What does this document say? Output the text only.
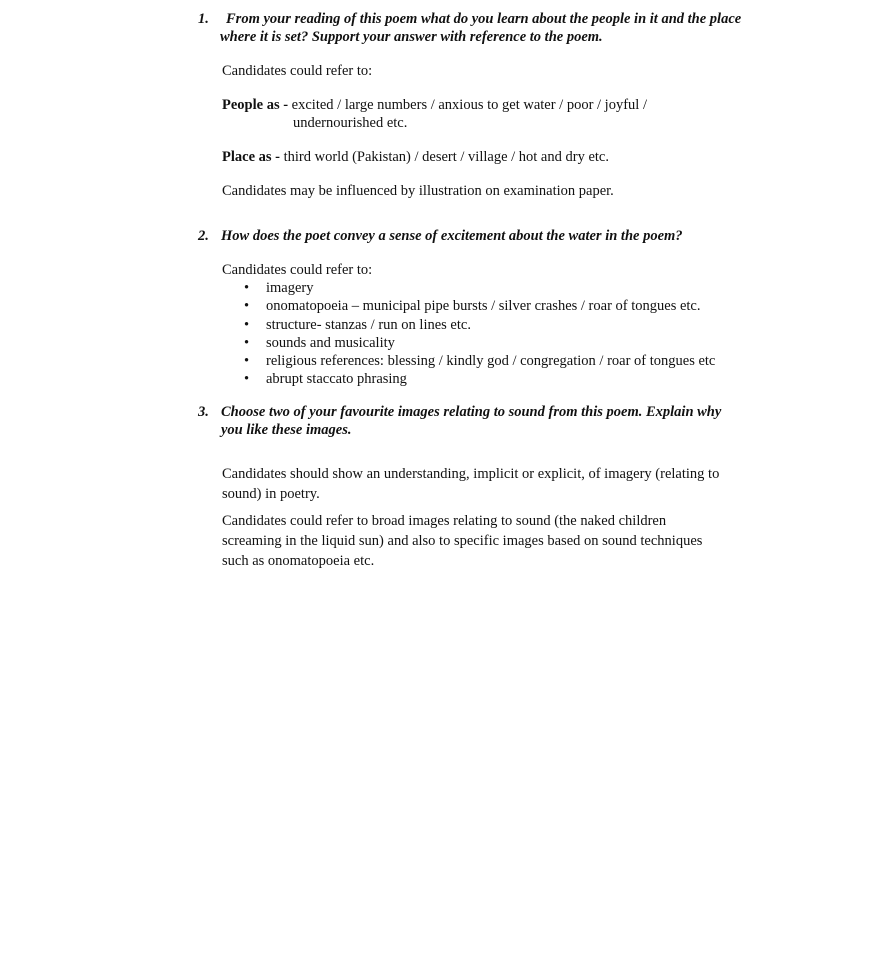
1.	From your reading of this poem what do you learn about the people in it and the place where it is set? Support your answer with reference to the poem.
Candidates could refer to:
People as - excited / large numbers / anxious to get water / poor / joyful /
undernourished etc.
Place as - third world (Pakistan) / desert / village / hot and dry etc.
Candidates may be influenced by illustration on examination paper.
2. How does the poet convey a sense of excitement about the water in the poem?
Candidates could refer to:
• imagery
• onomatopoeia – municipal pipe bursts / silver crashes / roar of tongues etc.
• structure- stanzas / run on lines etc.
• sounds and musicality
• religious references: blessing / kindly god / congregation / roar of tongues etc
• abrupt staccato phrasing
3. Choose two of your favourite images relating to sound from this poem. Explain why you like these images.
Candidates should show an understanding, implicit or explicit, of imagery (relating to sound) in poetry.
Candidates could refer to broad images relating to sound (the naked children screaming in the liquid sun) and also to specific images based on sound techniques such as onomatopoeia etc.
